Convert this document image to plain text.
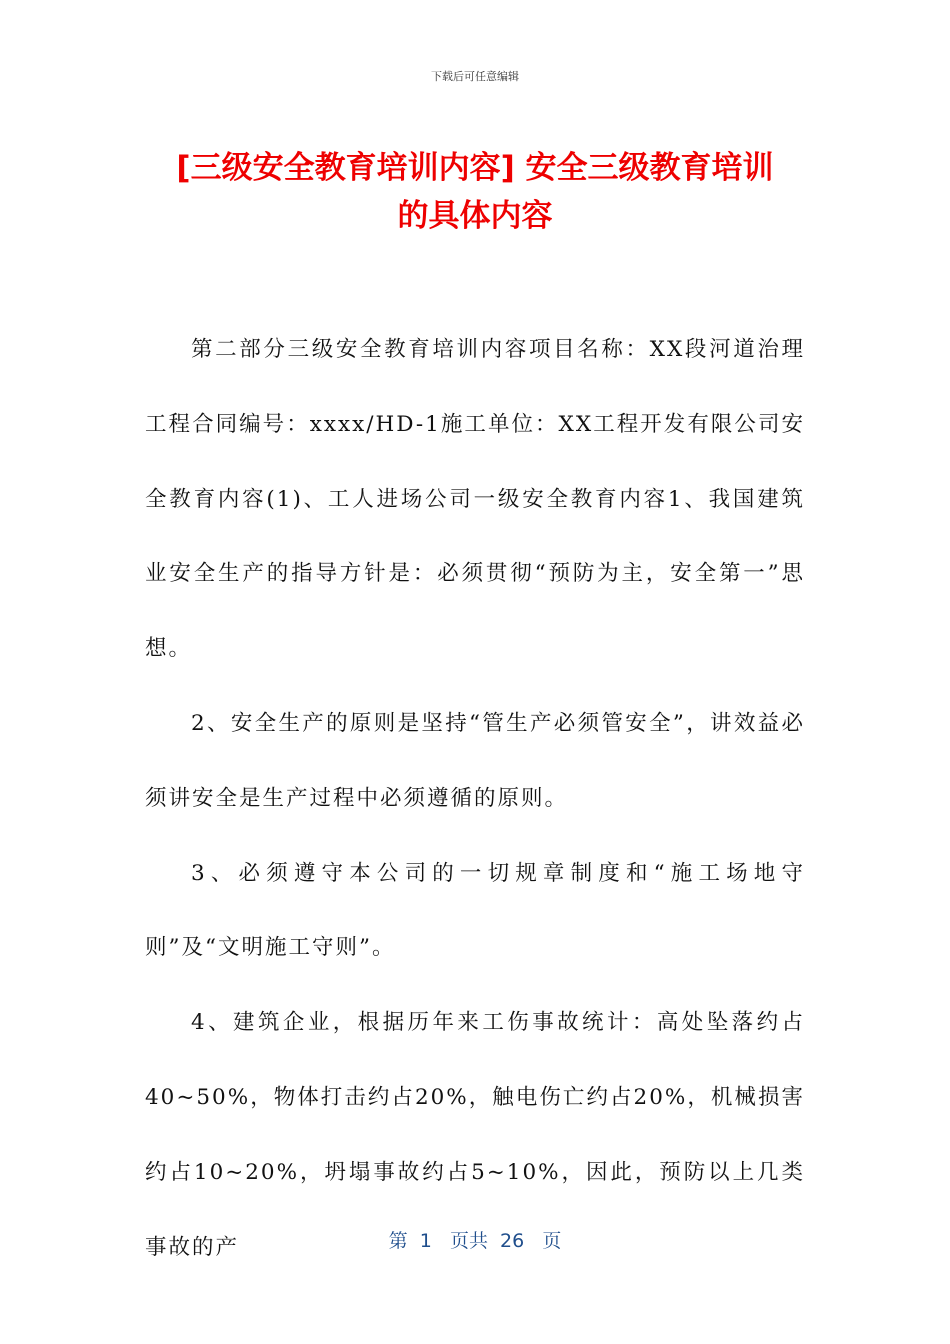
下载后可任意编辑
[三级安全教育培训内容] 安全三级教育培训
的具体内容

第二部分三级安全教育培训内容项目名称：XX段河道治理工程合同编号：xxxx/HD-1施工单位：XX工程开发有限公司安全教育内容(1)、工人进场公司一级安全教育内容1、我国建筑业安全生产的指导方针是：必须贯彻“预防为主，安全第一”思想。

2、安全生产的原则是坚持“管生产必须管安全”，讲效益必须讲安全是生产过程中必须遵循的原则。

3、必须遵守本公司的一切规章制度和“施工场地守则”及“文明施工守则”。

4、建筑企业，根据历年来工伤事故统计：高处坠落约占40~50%，物体打击约占20%，触电伤亡约占20%，机械损害约占10~20%，坍塌事故约占5~10%，因此，预防以上几类事故的产	第  1   页共  26   页
